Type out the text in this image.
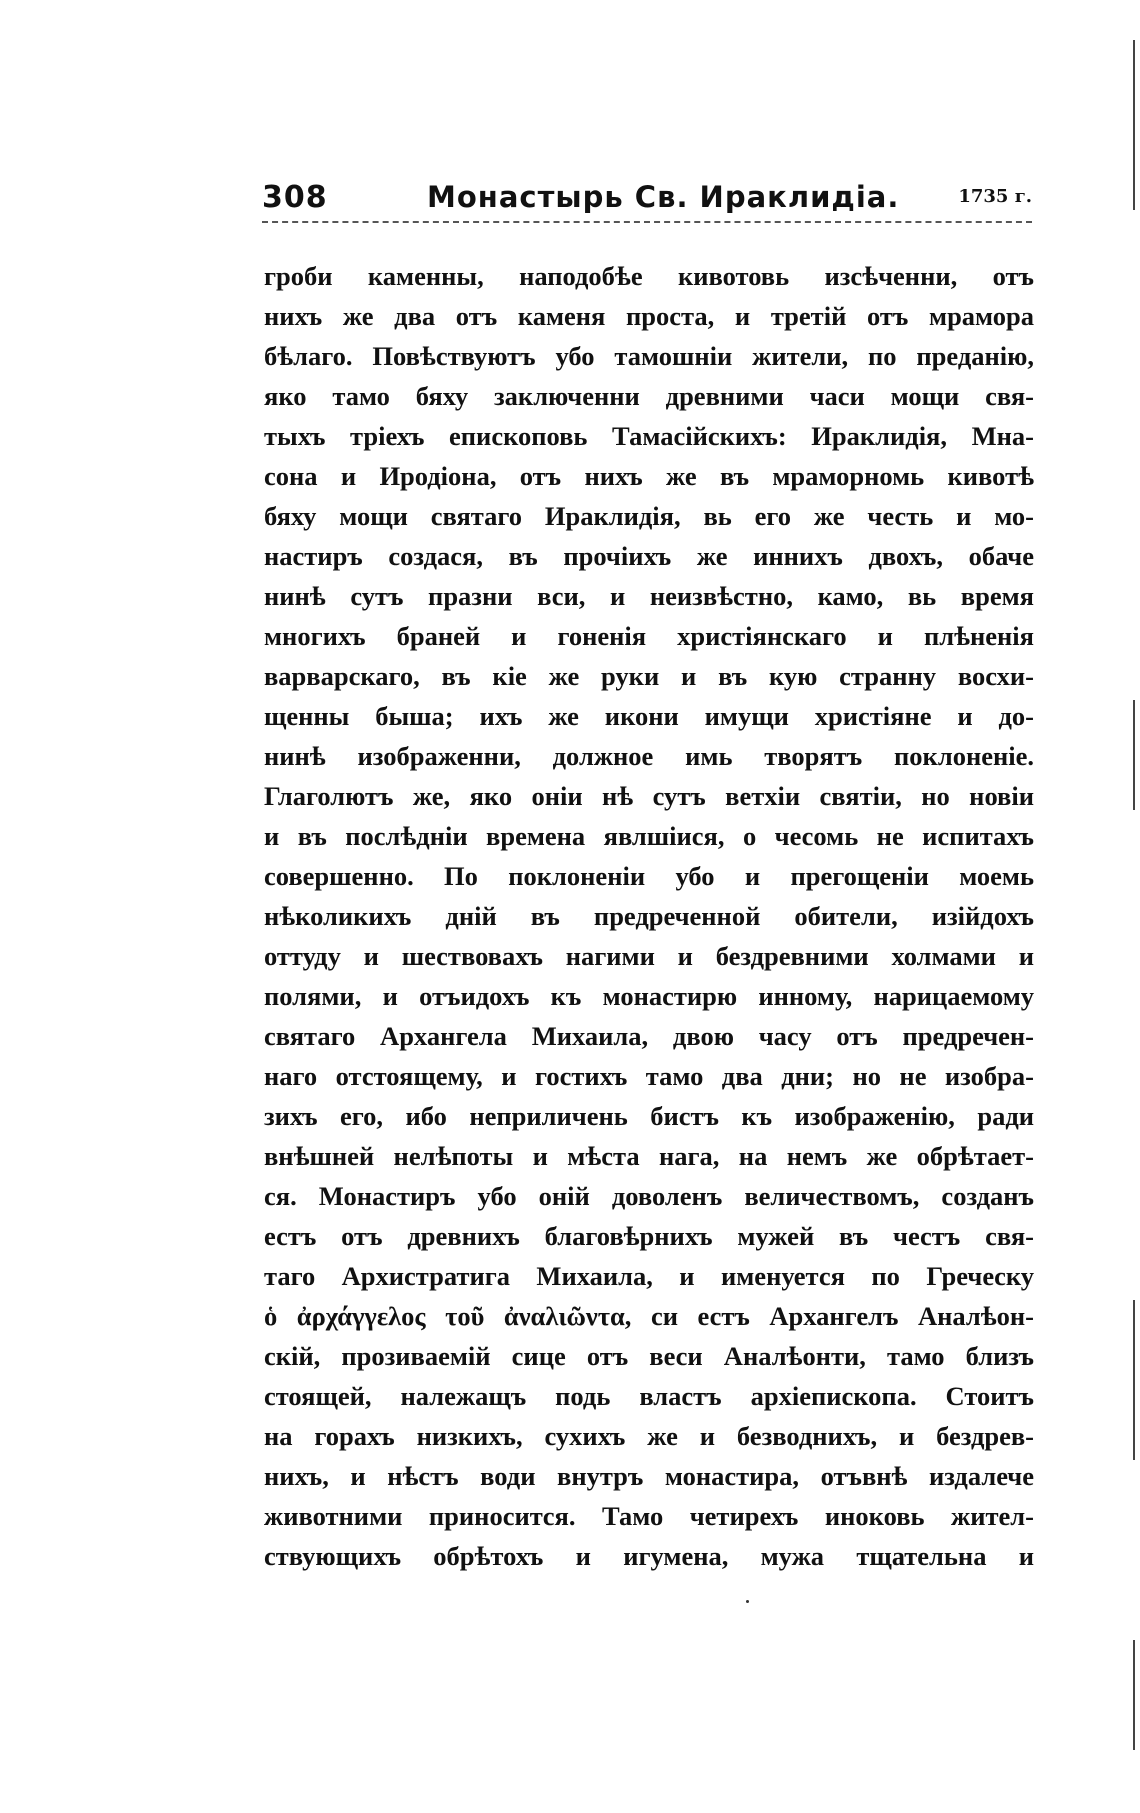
308	Монастырь Св. Ираклидіа.	1735 г.
гроби каменны, наподобѣе кивотовь изсѣченни, отъ
нихъ же два отъ каменя проста, и третій отъ мрамора
бѣлаго. Повѣствуютъ убо тамошніи жители, по преданію,
яко тамо бяху заключенни древними часи мощи свя-
тыхъ тріехъ епископовь Тамасійскихъ: Ираклидія, Мна-
сона и Иродіона, отъ нихъ же въ мраморномь кивотѣ
бяху мощи святаго Ираклидія, вь его же честь и мо-
настиръ создася, въ прочіихъ же инниxъ двохъ, обаче
нинѣ сутъ празни вси, и неизвѣстно, камо, вь время
многихъ браней и гоненія христіянскаго и плѣненія
варварскаго, въ кіе же руки и въ кую странну восхи-
щенны быша; ихъ же икони имущи христіяне и до-
нинѣ изображенни, должное имь творятъ поклоненіе.
Глаголютъ же, яко оніи нѣ сутъ ветхіи святіи, но новіи
и въ послѣдніи времена явлшіися, о чесомь не испитахъ
совершенно. По поклоненіи убо и прегощеніи моемь
нѣколикихъ дній въ предреченной обители, изійдохъ
оттуду и шествовахъ нагими и бездревними холмами и
полями, и отъидохъ къ монастирю инному, нарицаемому
святаго Архангела Михаила, двою часу отъ предречен-
наго отстоящему, и гостихъ тамо два дни; но не изобра-
зихъ его, ибо неприличень бистъ къ изображенію, ради
внѣшней нелѣпоты и мѣста нага, на немъ же обрѣтает-
ся. Монастиръ убо оній доволенъ величествомъ, созданъ
естъ отъ древнихъ благовѣрнихъ мужей въ честъ свя-
таго Архистратига Михаила, и именуется по Гречеcку
ὁ ἀρχάγγελος τοῦ ἀναλιῶντα, си естъ Архангелъ Аналѣон-
скій, прозиваемій сице отъ веси Аналѣонти, тамо близъ
стоящей, належащъ подь властъ архіепископа. Стоитъ
на горахъ низкихъ, сухихъ же и безводнихъ, и бездрев-
нихъ, и нѣстъ води внутръ монастира, отъвнѣ издалече
животними приноситcя. Тамо четирехъ иноковь жител-
ствующихъ обрѣтохъ и игумена, мужа тщательна и
